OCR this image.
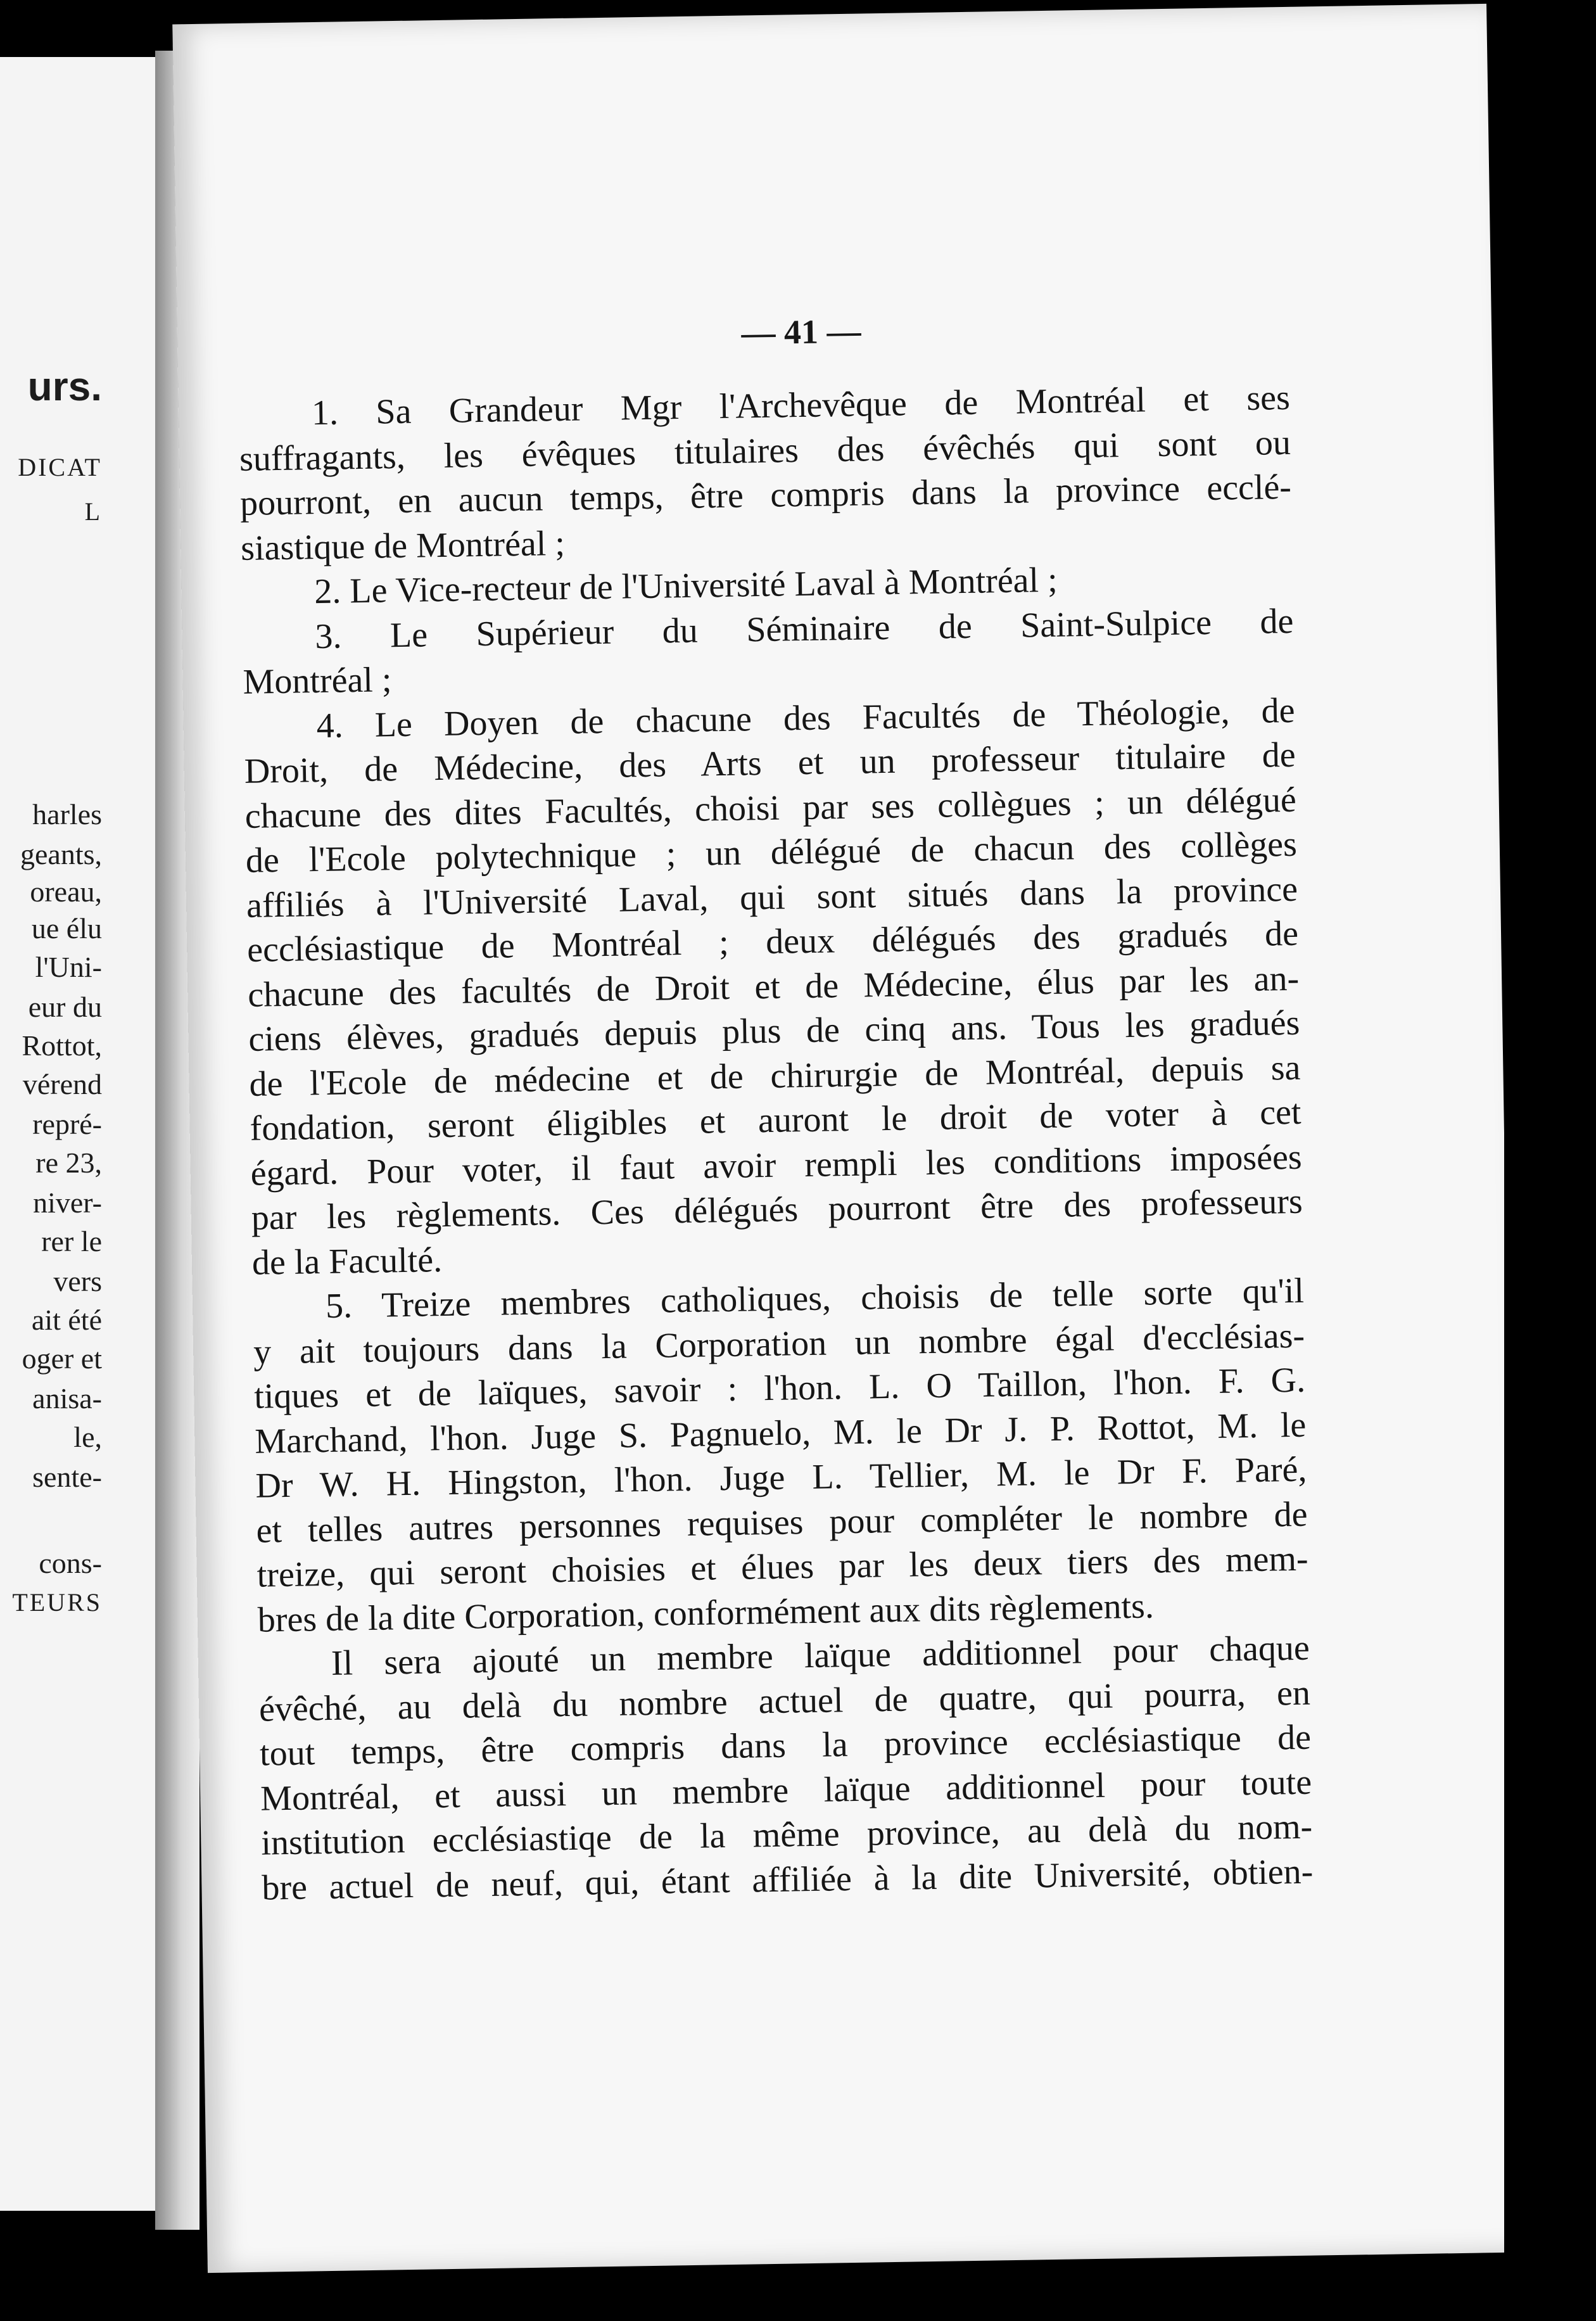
urs.
DICAT
L
harles
geants,
oreau,
ue élu
l'Uni-
eur du
Rottot,
vérend
repré-
re 23,
niver-
rer le
vers
ait été
oger et
anisa-
le,
sente-
cons-
TEURS
— 41 —
1. Sa Grandeur Mgr l'Archevêque de Montréal et ses
suffragants, les évêques titulaires des évêchés qui sont ou
pourront, en aucun temps, être compris dans la province ecclé-
siastique de Montréal ;
2. Le Vice-recteur de l'Université Laval à Montréal ;
3. Le Supérieur du Séminaire de Saint-Sulpice de
Montréal ;
4. Le Doyen de chacune des Facultés de Théologie, de
Droit, de Médecine, des Arts et un professeur titulaire de
chacune des dites Facultés, choisi par ses collègues ; un délégué
de l'Ecole polytechnique ; un délégué de chacun des collèges
affiliés à l'Université Laval, qui sont situés dans la province
ecclésiastique de Montréal ; deux délégués des gradués de
chacune des facultés de Droit et de Médecine, élus par les an-
ciens élèves, gradués depuis plus de cinq ans. Tous les gradués
de l'Ecole de médecine et de chirurgie de Montréal, depuis sa
fondation, seront éligibles et auront le droit de voter à cet
égard. Pour voter, il faut avoir rempli les conditions imposées
par les règlements. Ces délégués pourront être des professeurs
de la Faculté.
5. Treize membres catholiques, choisis de telle sorte qu'il
y ait toujours dans la Corporation un nombre égal d'ecclésias-
tiques et de laïques, savoir : l'hon. L. O Taillon, l'hon. F. G.
Marchand, l'hon. Juge S. Pagnuelo, M. le Dr J. P. Rottot, M. le
Dr W. H. Hingston, l'hon. Juge L. Tellier, M. le Dr F. Paré,
et telles autres personnes requises pour compléter le nombre de
treize, qui seront choisies et élues par les deux tiers des mem-
bres de la dite Corporation, conformément aux dits règlements.
Il sera ajouté un membre laïque additionnel pour chaque
évêché, au delà du nombre actuel de quatre, qui pourra, en
tout temps, être compris dans la province ecclésiastique de
Montréal, et aussi un membre laïque additionnel pour toute
institution ecclésiastiqe de la même province, au delà du nom-
bre actuel de neuf, qui, étant affiliée à la dite Université, obtien-
